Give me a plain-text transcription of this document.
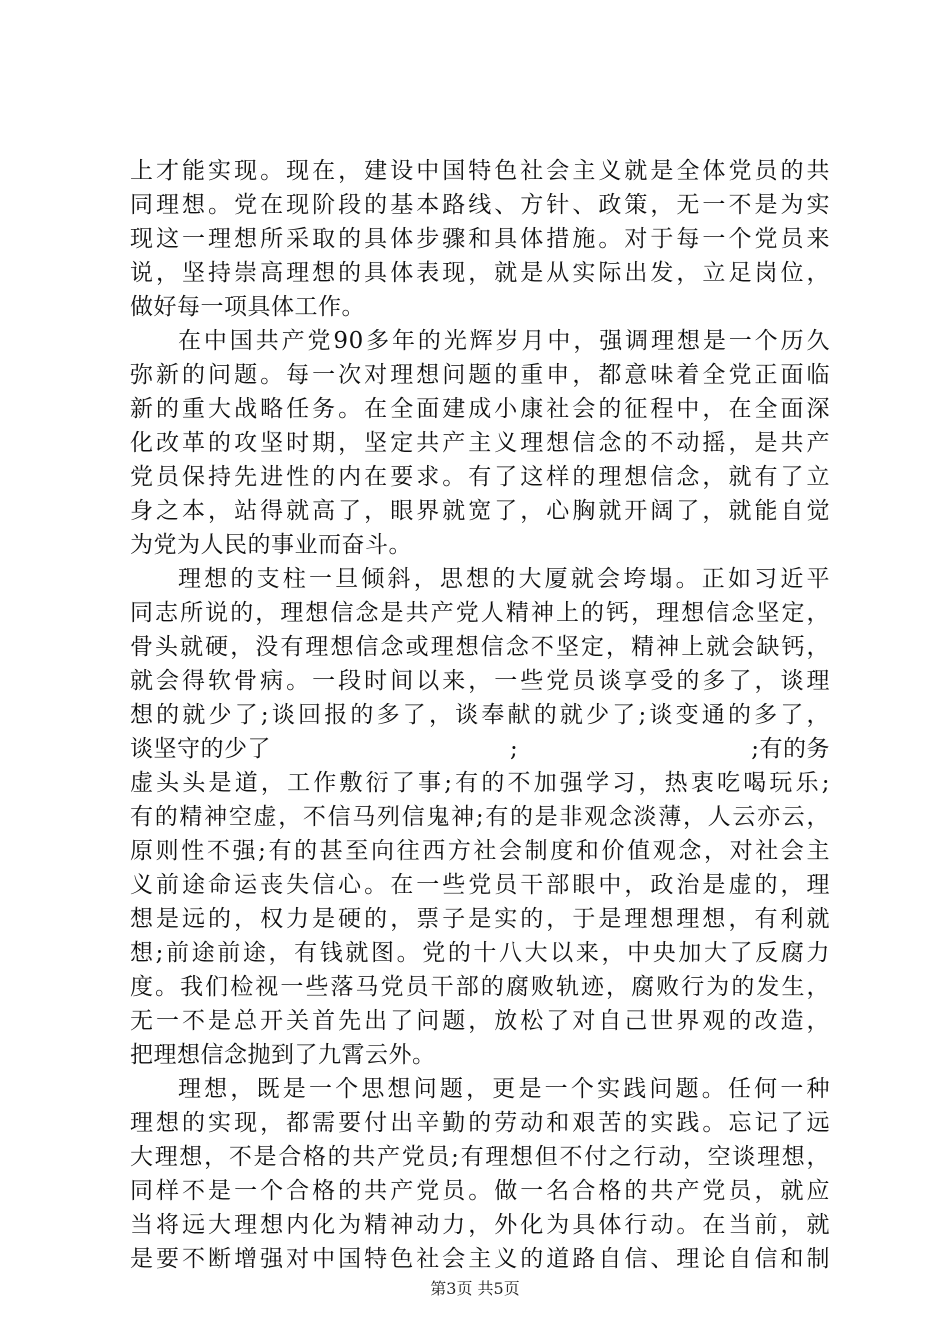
上才能实现。现在，建设中国特色社会主义就是全体党员的共
同理想。党在现阶段的基本路线、方针、政策，无一不是为实
现这一理想所采取的具体步骤和具体措施。对于每一个党员来
说，坚持崇高理想的具体表现，就是从实际出发，立足岗位，
做好每一项具体工作。
在中国共产党90多年的光辉岁月中，强调理想是一个历久
弥新的问题。每一次对理想问题的重申，都意味着全党正面临
新的重大战略任务。在全面建成小康社会的征程中，在全面深
化改革的攻坚时期，坚定共产主义理想信念的不动摇，是共产
党员保持先进性的内在要求。有了这样的理想信念，就有了立
身之本，站得就高了，眼界就宽了，心胸就开阔了，就能自觉
为党为人民的事业而奋斗。
理想的支柱一旦倾斜，思想的大厦就会垮塌。正如习近平
同志所说的，理想信念是共产党人精神上的钙，理想信念坚定，
骨头就硬，没有理想信念或理想信念不坚定，精神上就会缺钙，
就会得软骨病。一段时间以来，一些党员谈享受的多了，谈理
想的就少了;谈回报的多了，谈奉献的就少了;谈变通的多了，
谈坚守的少了	;	;有的务
虚头头是道，工作敷衍了事;有的不加强学习，热衷吃喝玩乐;
有的精神空虚，不信马列信鬼神;有的是非观念淡薄，人云亦云，
原则性不强;有的甚至向往西方社会制度和价值观念，对社会主
义前途命运丧失信心。在一些党员干部眼中，政治是虚的，理
想是远的，权力是硬的，票子是实的，于是理想理想，有利就
想;前途前途，有钱就图。党的十八大以来，中央加大了反腐力
度。我们检视一些落马党员干部的腐败轨迹，腐败行为的发生，
无一不是总开关首先出了问题，放松了对自己世界观的改造，
把理想信念抛到了九霄云外。
理想，既是一个思想问题，更是一个实践问题。任何一种
理想的实现，都需要付出辛勤的劳动和艰苦的实践。忘记了远
大理想，不是合格的共产党员;有理想但不付之行动，空谈理想，
同样不是一个合格的共产党员。做一名合格的共产党员，就应
当将远大理想内化为精神动力，外化为具体行动。在当前，就
是要不断增强对中国特色社会主义的道路自信、理论自信和制
第3页 共5页
